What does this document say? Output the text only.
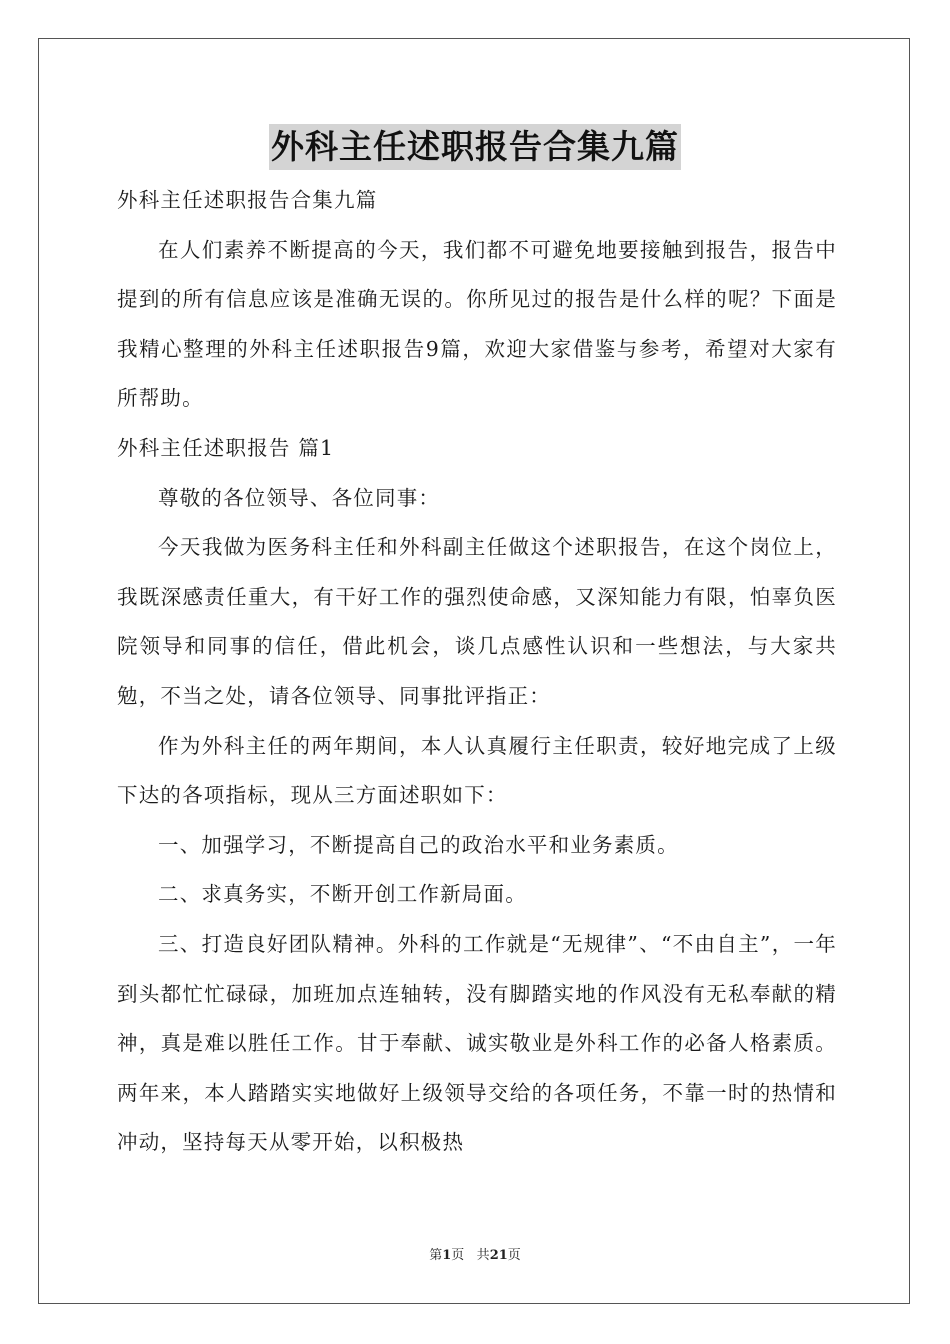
外科主任述职报告合集九篇

外科主任述职报告合集九篇

在人们素养不断提高的今天，我们都不可避免地要接触到报告，报告中提到的所有信息应该是准确无误的。你所见过的报告是什么样的呢？下面是我精心整理的外科主任述职报告9篇，欢迎大家借鉴与参考，希望对大家有所帮助。

外科主任述职报告 篇1

尊敬的各位领导、各位同事：

今天我做为医务科主任和外科副主任做这个述职报告，在这个岗位上，我既深感责任重大，有干好工作的强烈使命感，又深知能力有限，怕辜负医院领导和同事的信任，借此机会，谈几点感性认识和一些想法，与大家共勉，不当之处，请各位领导、同事批评指正：

作为外科主任的两年期间，本人认真履行主任职责，较好地完成了上级下达的各项指标，现从三方面述职如下：

一、加强学习，不断提高自己的政治水平和业务素质。

二、求真务实，不断开创工作新局面。

三、打造良好团队精神。外科的工作就是“无规律”、“不由自主”，一年到头都忙忙碌碌，加班加点连轴转，没有脚踏实地的作风没有无私奉献的精神，真是难以胜任工作。甘于奉献、诚实敬业是外科工作的必备人格素质。两年来，本人踏踏实实地做好上级领导交给的各项任务，不靠一时的热情和冲动，坚持每天从零开始，以积极热

第1页 共21页
